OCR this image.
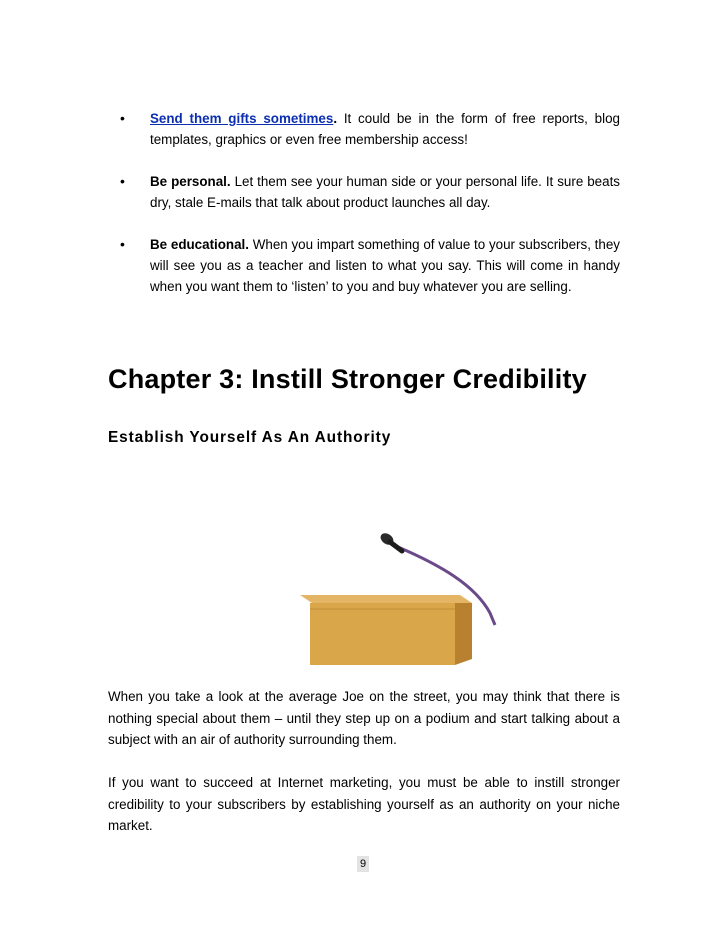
• Send them gifts sometimes. It could be in the form of free reports, blog templates, graphics or even free membership access!
• Be personal. Let them see your human side or your personal life. It sure beats dry, stale E-mails that talk about product launches all day.
• Be educational. When you impart something of value to your subscribers, they will see you as a teacher and listen to what you say. This will come in handy when you want them to ‘listen’ to you and buy whatever you are selling.
Chapter 3: Instill Stronger Credibility
Establish Yourself As An Authority

When you take a look at the average Joe on the street, you may think that there is nothing special about them – until they step up on a podium and start talking about a subject with an air of authority surrounding them.

If you want to succeed at Internet marketing, you must be able to instill stronger credibility to your subscribers by establishing yourself as an authority on your niche market.

9
